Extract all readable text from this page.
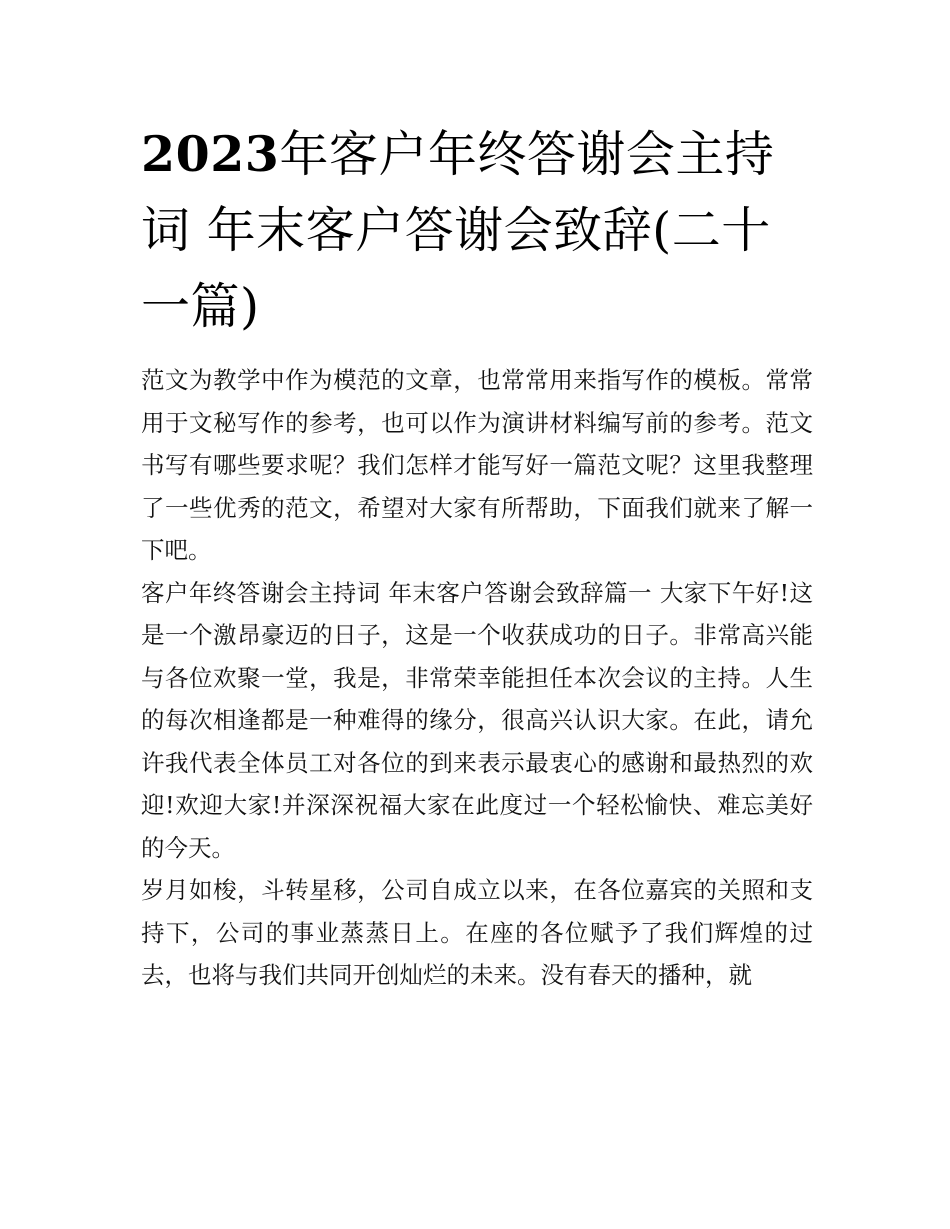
2023年客户年终答谢会主持词 年末客户答谢会致辞(二十一篇)

范文为教学中作为模范的文章，也常常用来指写作的模板。常常用于文秘写作的参考，也可以作为演讲材料编写前的参考。范文书写有哪些要求呢？我们怎样才能写好一篇范文呢？这里我整理了一些优秀的范文，希望对大家有所帮助，下面我们就来了解一下吧。

客户年终答谢会主持词 年末客户答谢会致辞篇一 大家下午好!这是一个激昂豪迈的日子，这是一个收获成功的日子。非常高兴能与各位欢聚一堂，我是，非常荣幸能担任本次会议的主持。人生的每次相逢都是一种难得的缘分，很高兴认识大家。在此，请允许我代表全体员工对各位的到来表示最衷心的感谢和最热烈的欢迎!欢迎大家!并深深祝福大家在此度过一个轻松愉快、难忘美好的今天。

岁月如梭，斗转星移，公司自成立以来，在各位嘉宾的关照和支持下，公司的事业蒸蒸日上。在座的各位赋予了我们辉煌的过去，也将与我们共同开创灿烂的未来。没有春天的播种，就
